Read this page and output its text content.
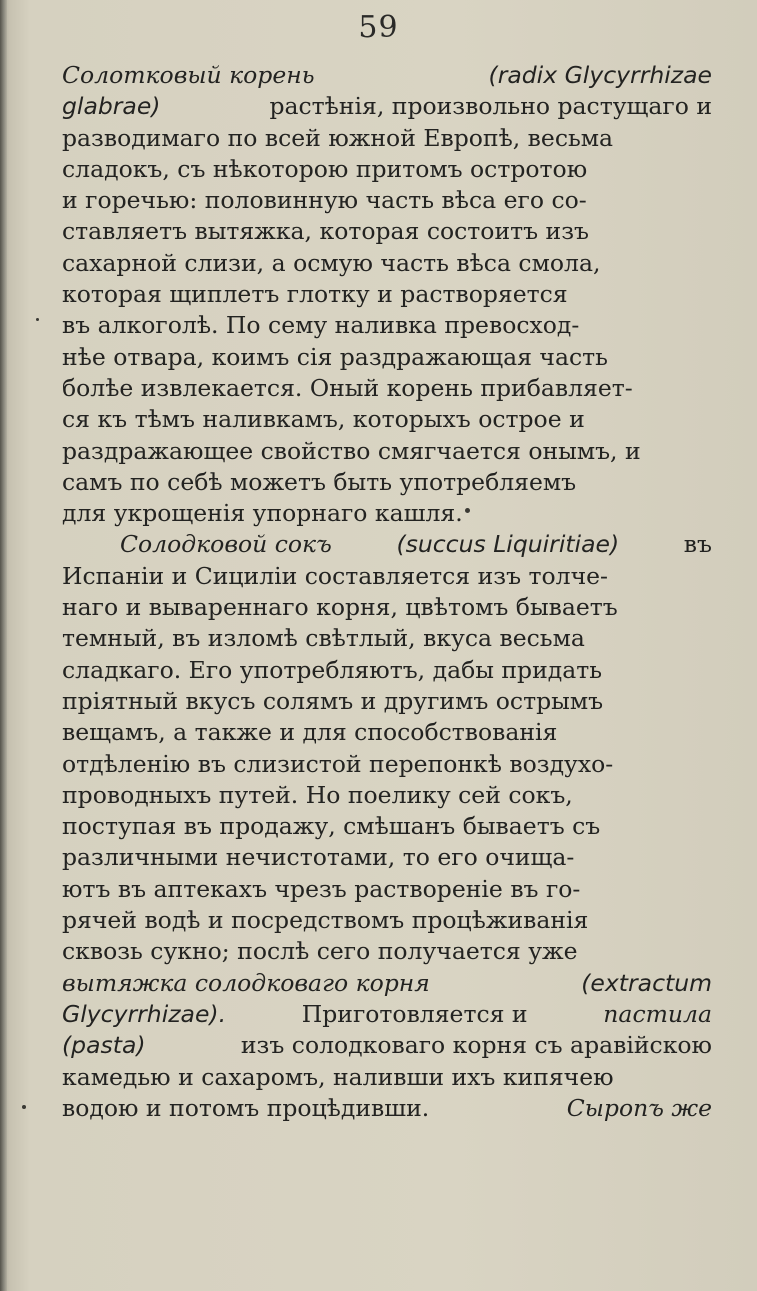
59
Солотковый корень	(radix Glycyrrhizae
glabrae)	растѣнія, произвольно растущаго и
разводимаго по всей южной Европѣ, весьма
сладокъ, съ нѣкоторою притомъ остротою
и горечью: половинную часть вѣса его со-
ставляетъ вытяжка, которая состоитъ изъ
сахарной слизи, а осмую часть вѣса смола,
которая щиплетъ глотку и растворяется
въ алкоголѣ. По сему наливка превосход-
нѣе отвара, коимъ сія раздражающая часть
болѣе извлекается. Оный корень прибавляет-
ся къ тѣмъ наливкамъ, которыхъ острое и
раздражающее свойство смягчается онымъ, и
самъ по себѣ можетъ быть употребляемъ
для укрощенія упорнаго кашля.
Солодковой сокъ	(succus Liquiritiae)	въ
Испаніи и Сициліи составляется изъ толче-
наго и вывареннаго корня, цвѣтомъ бываетъ
темный, въ изломѣ свѣтлый, вкуса весьма
сладкаго. Его употребляютъ, дабы придать
пріятный вкусъ солямъ и другимъ острымъ
вещамъ, а также и для способствованія
отдѣленію въ слизистой перепонкѣ воздухо-
проводныхъ путей. Но поелику сей сокъ,
поступая въ продажу, смѣшанъ бываетъ съ
различными нечистотами, то его очища-
ютъ въ аптекахъ чрезъ раствореніе въ го-
рячей водѣ и посредствомъ процѣживанія
сквозь сукно; послѣ сего получается уже
вытяжка солодковаго корня	(extractum
Glycyrrhizae).	Приготовляется и	пастила
(pasta)	изъ солодковаго корня съ аравійскою
камедью и сахаромъ, наливши ихъ кипячею
водою и потомъ процѣдивши.	Сыропъ же
